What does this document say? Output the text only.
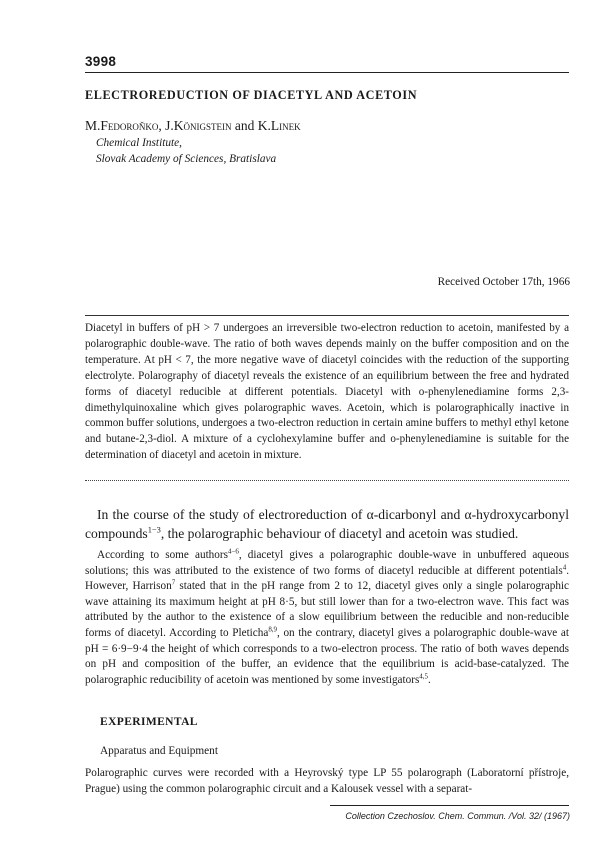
3998
ELECTROREDUCTION OF DIACETYL AND ACETOIN
M.Fedoroňko, J.Königstein and K.Linek
Chemical Institute,
Slovak Academy of Sciences, Bratislava
Received October 17th, 1966
Diacetyl in buffers of pH > 7 undergoes an irreversible two-electron reduction to acetoin, manifested by a polarographic double-wave. The ratio of both waves depends mainly on the buffer composition and on the temperature. At pH < 7, the more negative wave of diacetyl coincides with the reduction of the supporting electrolyte. Polarography of diacetyl reveals the existence of an equilibrium between the free and hydrated forms of diacetyl reducible at different potentials. Diacetyl with o-phenylenediamine forms 2,3-dimethylquinoxaline which gives polarographic waves. Acetoin, which is polarographically inactive in common buffer solutions, undergoes a two-electron reduction in certain amine buffers to methyl ethyl ketone and butane-2,3-diol. A mixture of a cyclohexylamine buffer and o-phenylenediamine is suitable for the determination of diacetyl and acetoin in mixture.
In the course of the study of electroreduction of α-dicarbonyl and α-hydroxycarbonyl compounds$^{1-3}$, the polarographic behaviour of diacetyl and acetoin was studied.
According to some authors$^{4-6}$, diacetyl gives a polarographic double-wave in unbuffered aqueous solutions; this was attributed to the existence of two forms of diacetyl reducible at different potentials$^4$. However, Harrison$^7$ stated that in the pH range from 2 to 12, diacetyl gives only a single polarographic wave attaining its maximum height at pH 8·5, but still lower than for a two-electron wave. This fact was attributed by the author to the existence of a slow equilibrium between the reducible and non-reducible forms of diacetyl. According to Pleticha$^{8,9}$, on the contrary, diacetyl gives a polarographic double-wave at pH = 6·9−9·4 the height of which corresponds to a two-electron process. The ratio of both waves depends on pH and composition of the buffer, an evidence that the equilibrium is acid-base-catalyzed. The polarographic reducibility of acetoin was mentioned by some investigators$^{4,5}$.
EXPERIMENTAL
Apparatus and Equipment
Polarographic curves were recorded with a Heyrovský type LP 55 polarograph (Laboratorní přístroje, Prague) using the common polarographic circuit and a Kalousek vessel with a separat-
Collection Czechoslov. Chem. Commun. /Vol. 32/ (1967)
